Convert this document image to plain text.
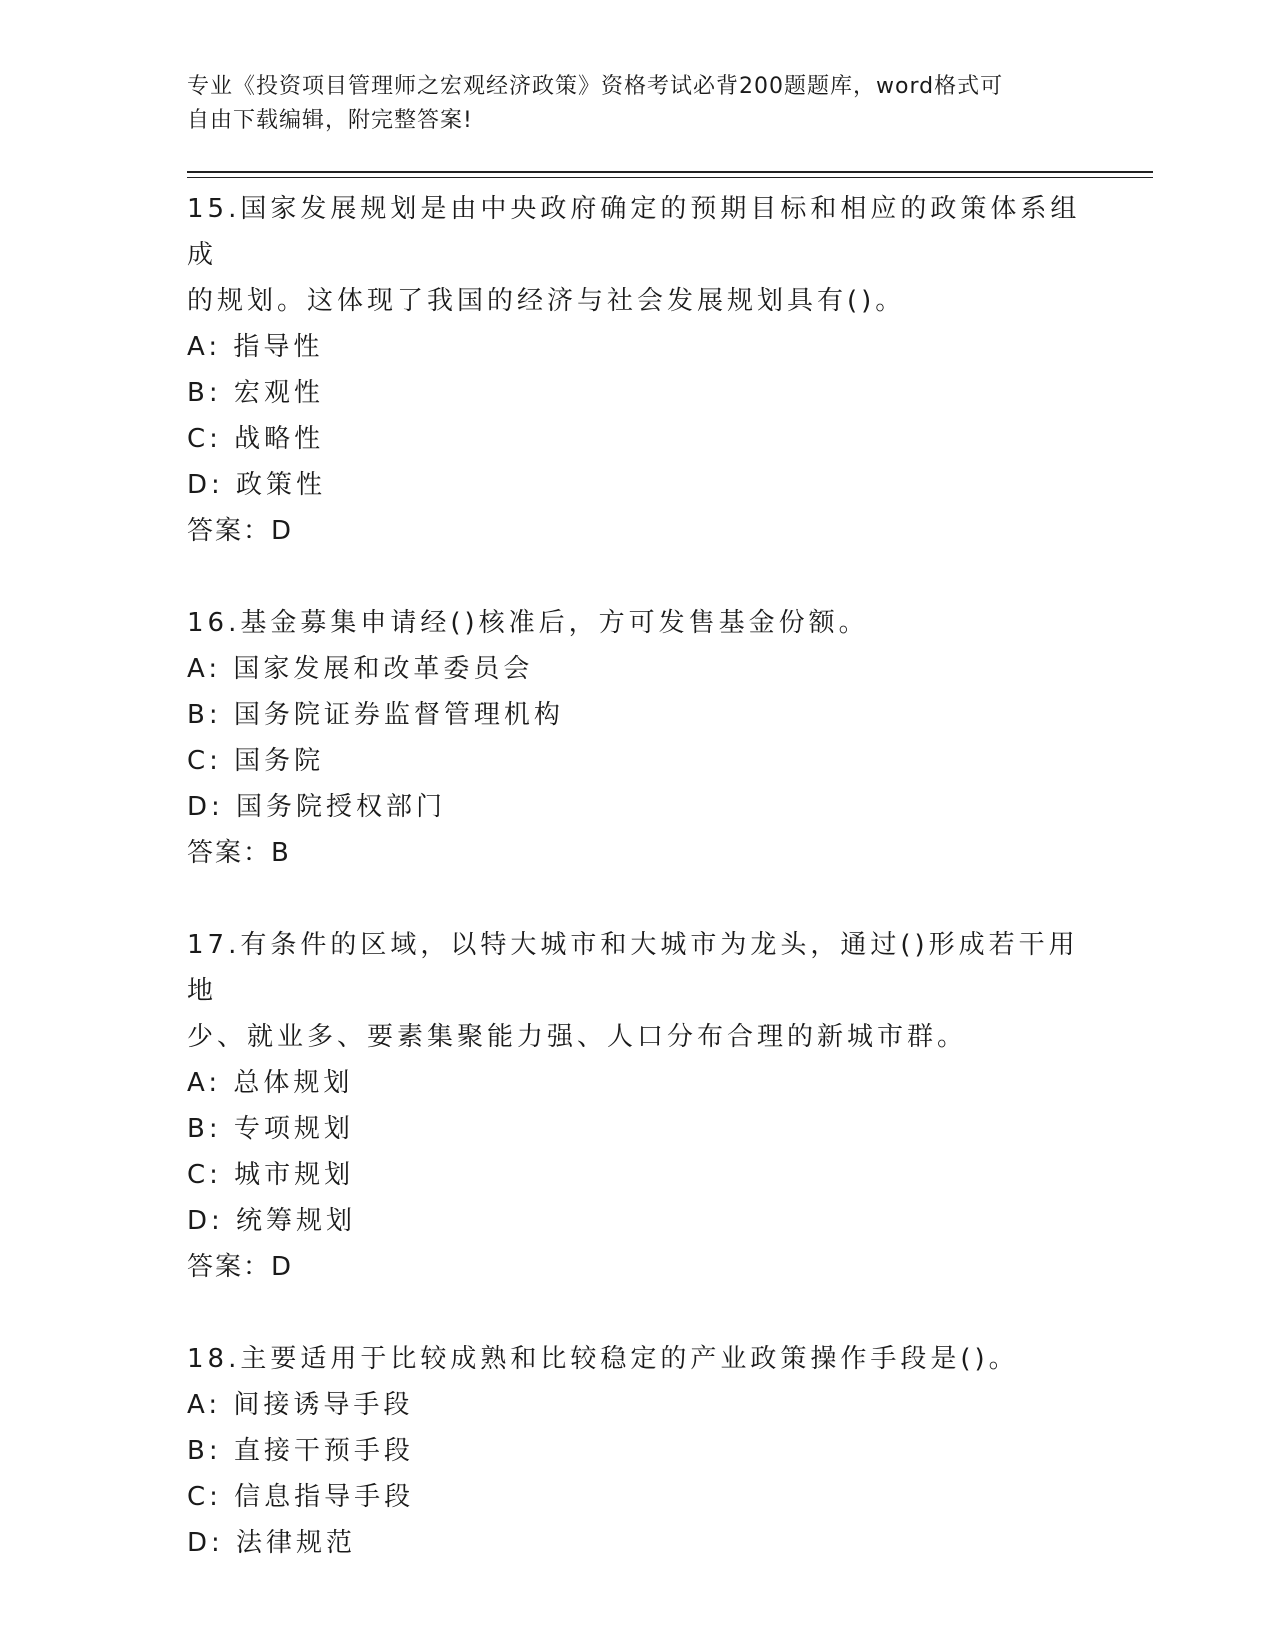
专业《投资项目管理师之宏观经济政策》资格考试必背200题题库，word格式可

自由下载编辑，附完整答案!

15.国家发展规划是由中央政府确定的预期目标和相应的政策体系组成

的规划。这体现了我国的经济与社会发展规划具有()。

A: 指导性

B: 宏观性

C: 战略性

D: 政策性

答案：D

16.基金募集申请经()核准后，方可发售基金份额。

A: 国家发展和改革委员会

B: 国务院证券监督管理机构

C: 国务院

D: 国务院授权部门

答案：B

17.有条件的区域，以特大城市和大城市为龙头，通过()形成若干用地

少、就业多、要素集聚能力强、人口分布合理的新城市群。

A: 总体规划

B: 专项规划

C: 城市规划

D: 统筹规划

答案：D

18.主要适用于比较成熟和比较稳定的产业政策操作手段是()。

A: 间接诱导手段

B: 直接干预手段

C: 信息指导手段

D: 法律规范
